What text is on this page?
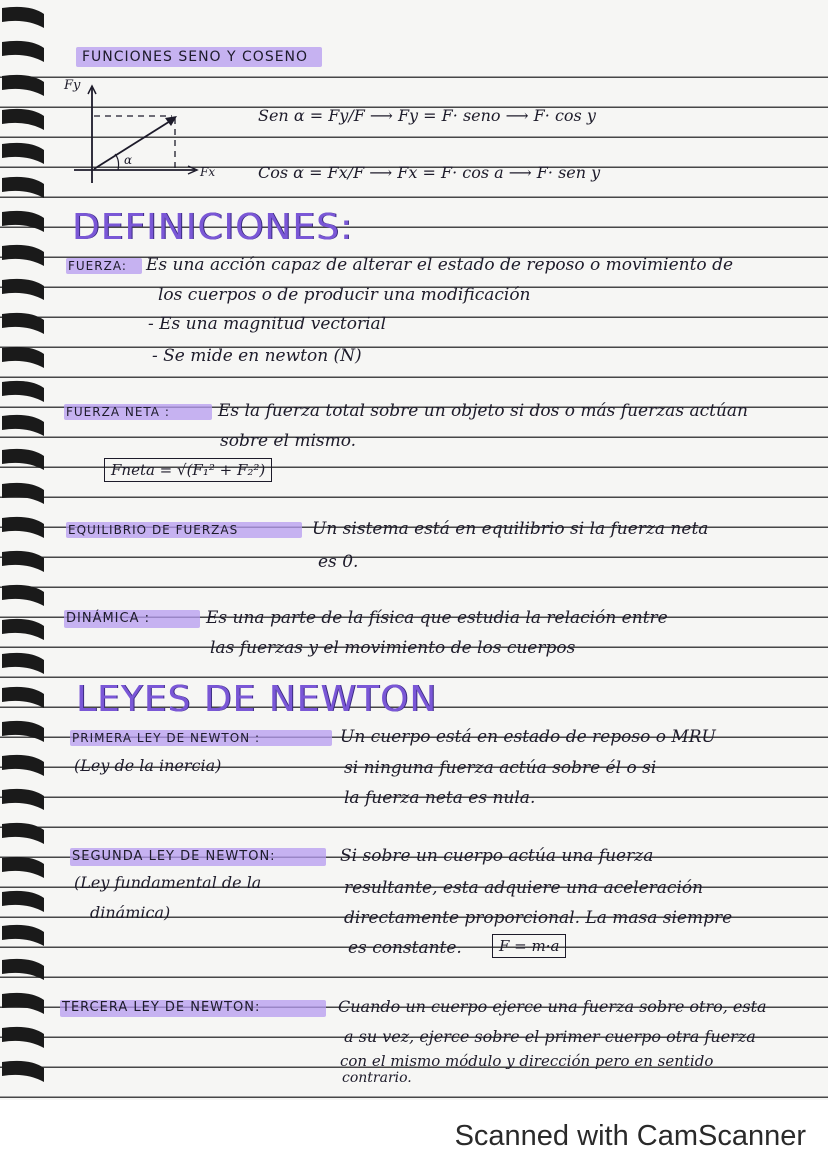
FUNCIONES SENO Y COSENO
Fy
Fx
α
Sen α = Fy/F ⟶ Fy = F· seno ⟶ F· cos y
Cos α = Fx/F ⟶ Fx = F· cos a ⟶ F· sen y
DEFINICIONES:
FUERZA: Es una acción capaz de alterar el estado de reposo o movimiento de
los cuerpos o de producir una modificación
- Es una magnitud vectorial
- Se mide en newton (N)
FUERZA NETA :	Es la fuerza total sobre un objeto si dos o más fuerzas actúan
sobre el mismo.
Fneta = √(F₁² + F₂²)
EQUILIBRIO DE FUERZAS	Un sistema está en equilibrio si la fuerza neta
es 0.
DINÁMICA :	Es una parte de la física que estudia la relación entre
las fuerzas y el movimiento de los cuerpos
LEYES DE NEWTON
PRIMERA LEY DE NEWTON :
(Ley de la inercia)
Un cuerpo está en estado de reposo o MRU
si ninguna fuerza actúa sobre él o si
la fuerza neta es nula.
SEGUNDA LEY DE NEWTON:
(Ley fundamental de la
dinámica)
Si sobre un cuerpo actúa una fuerza
resultante, esta adquiere una aceleración
directamente proporcional. La masa siempre
es constante.	F = m·a
TERCERA LEY DE NEWTON:	Cuando un cuerpo ejerce una fuerza sobre otro, esta
a su vez, ejerce sobre el primer cuerpo otra fuerza
con el mismo módulo y dirección pero en sentido
contrario.
Scanned with CamScanner
